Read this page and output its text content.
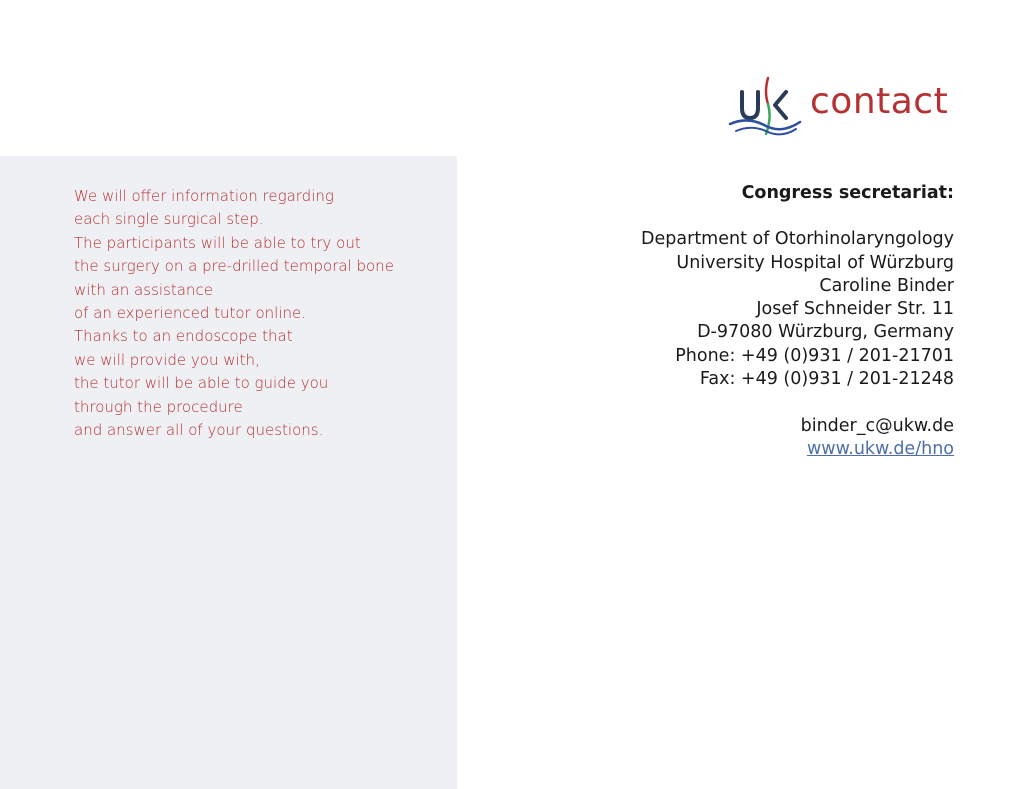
We will offer information regarding
each single surgical step.
The participants will be able to try out
the surgery on a pre-drilled temporal bone
with an assistance
of an experienced tutor online.
Thanks to an endoscope that
we will provide you with,
the tutor will be able to guide you
through the procedure
and answer all of your questions.
contact
Congress secretariat:
Department of Otorhinolaryngology
University Hospital of Würzburg
Caroline Binder
Josef Schneider Str. 11
D-97080 Würzburg, Germany
Phone: +49 (0)931 / 201-21701
Fax: +49 (0)931 / 201-21248
binder_c@ukw.de
www.ukw.de/hno
